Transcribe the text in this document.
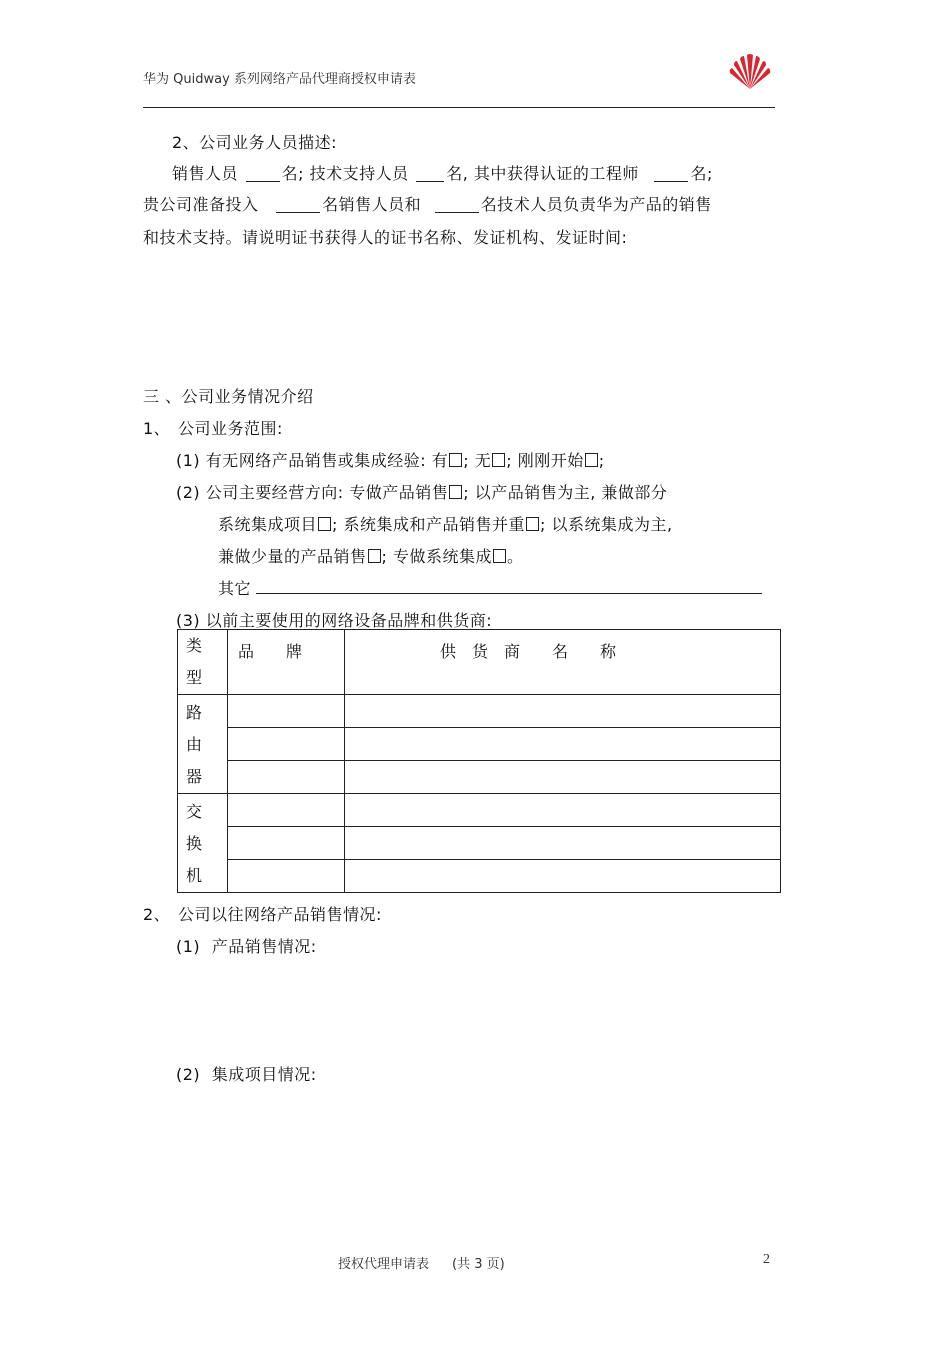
华为 Quidway 系列网络产品代理商授权申请表
2、公司业务人员描述:
销售人员	名; 技术支持人员 名, 其中获得认证的工程师	名;
贵公司准备投入	名销售人员和	名技术人员负责华为产品的销售
和技术支持。请说明证书获得人的证书名称、发证机构、发证时间:
三 、公司业务情况介绍
1、 公司业务范围:
(1) 有无网络产品销售或集成经验: 有 ; 无 ; 刚刚开始 ;
(2) 公司主要经营方向: 专做产品销售 ; 以产品销售为主, 兼做部分
系统集成项目 ; 系统集成和产品销售并重 ; 以系统集成为主,
兼做少量的产品销售 ; 专做系统集成 。
其它
(3) 以前主要使用的网络设备品牌和供货商:
类型	品　　牌	供　货　商　　名　　称

路由器		

交换机		

2、 公司以往网络产品销售情况:
(1) 产品销售情况:
(2) 集成项目情况:
授权代理申请表 (共 3 页)	2
